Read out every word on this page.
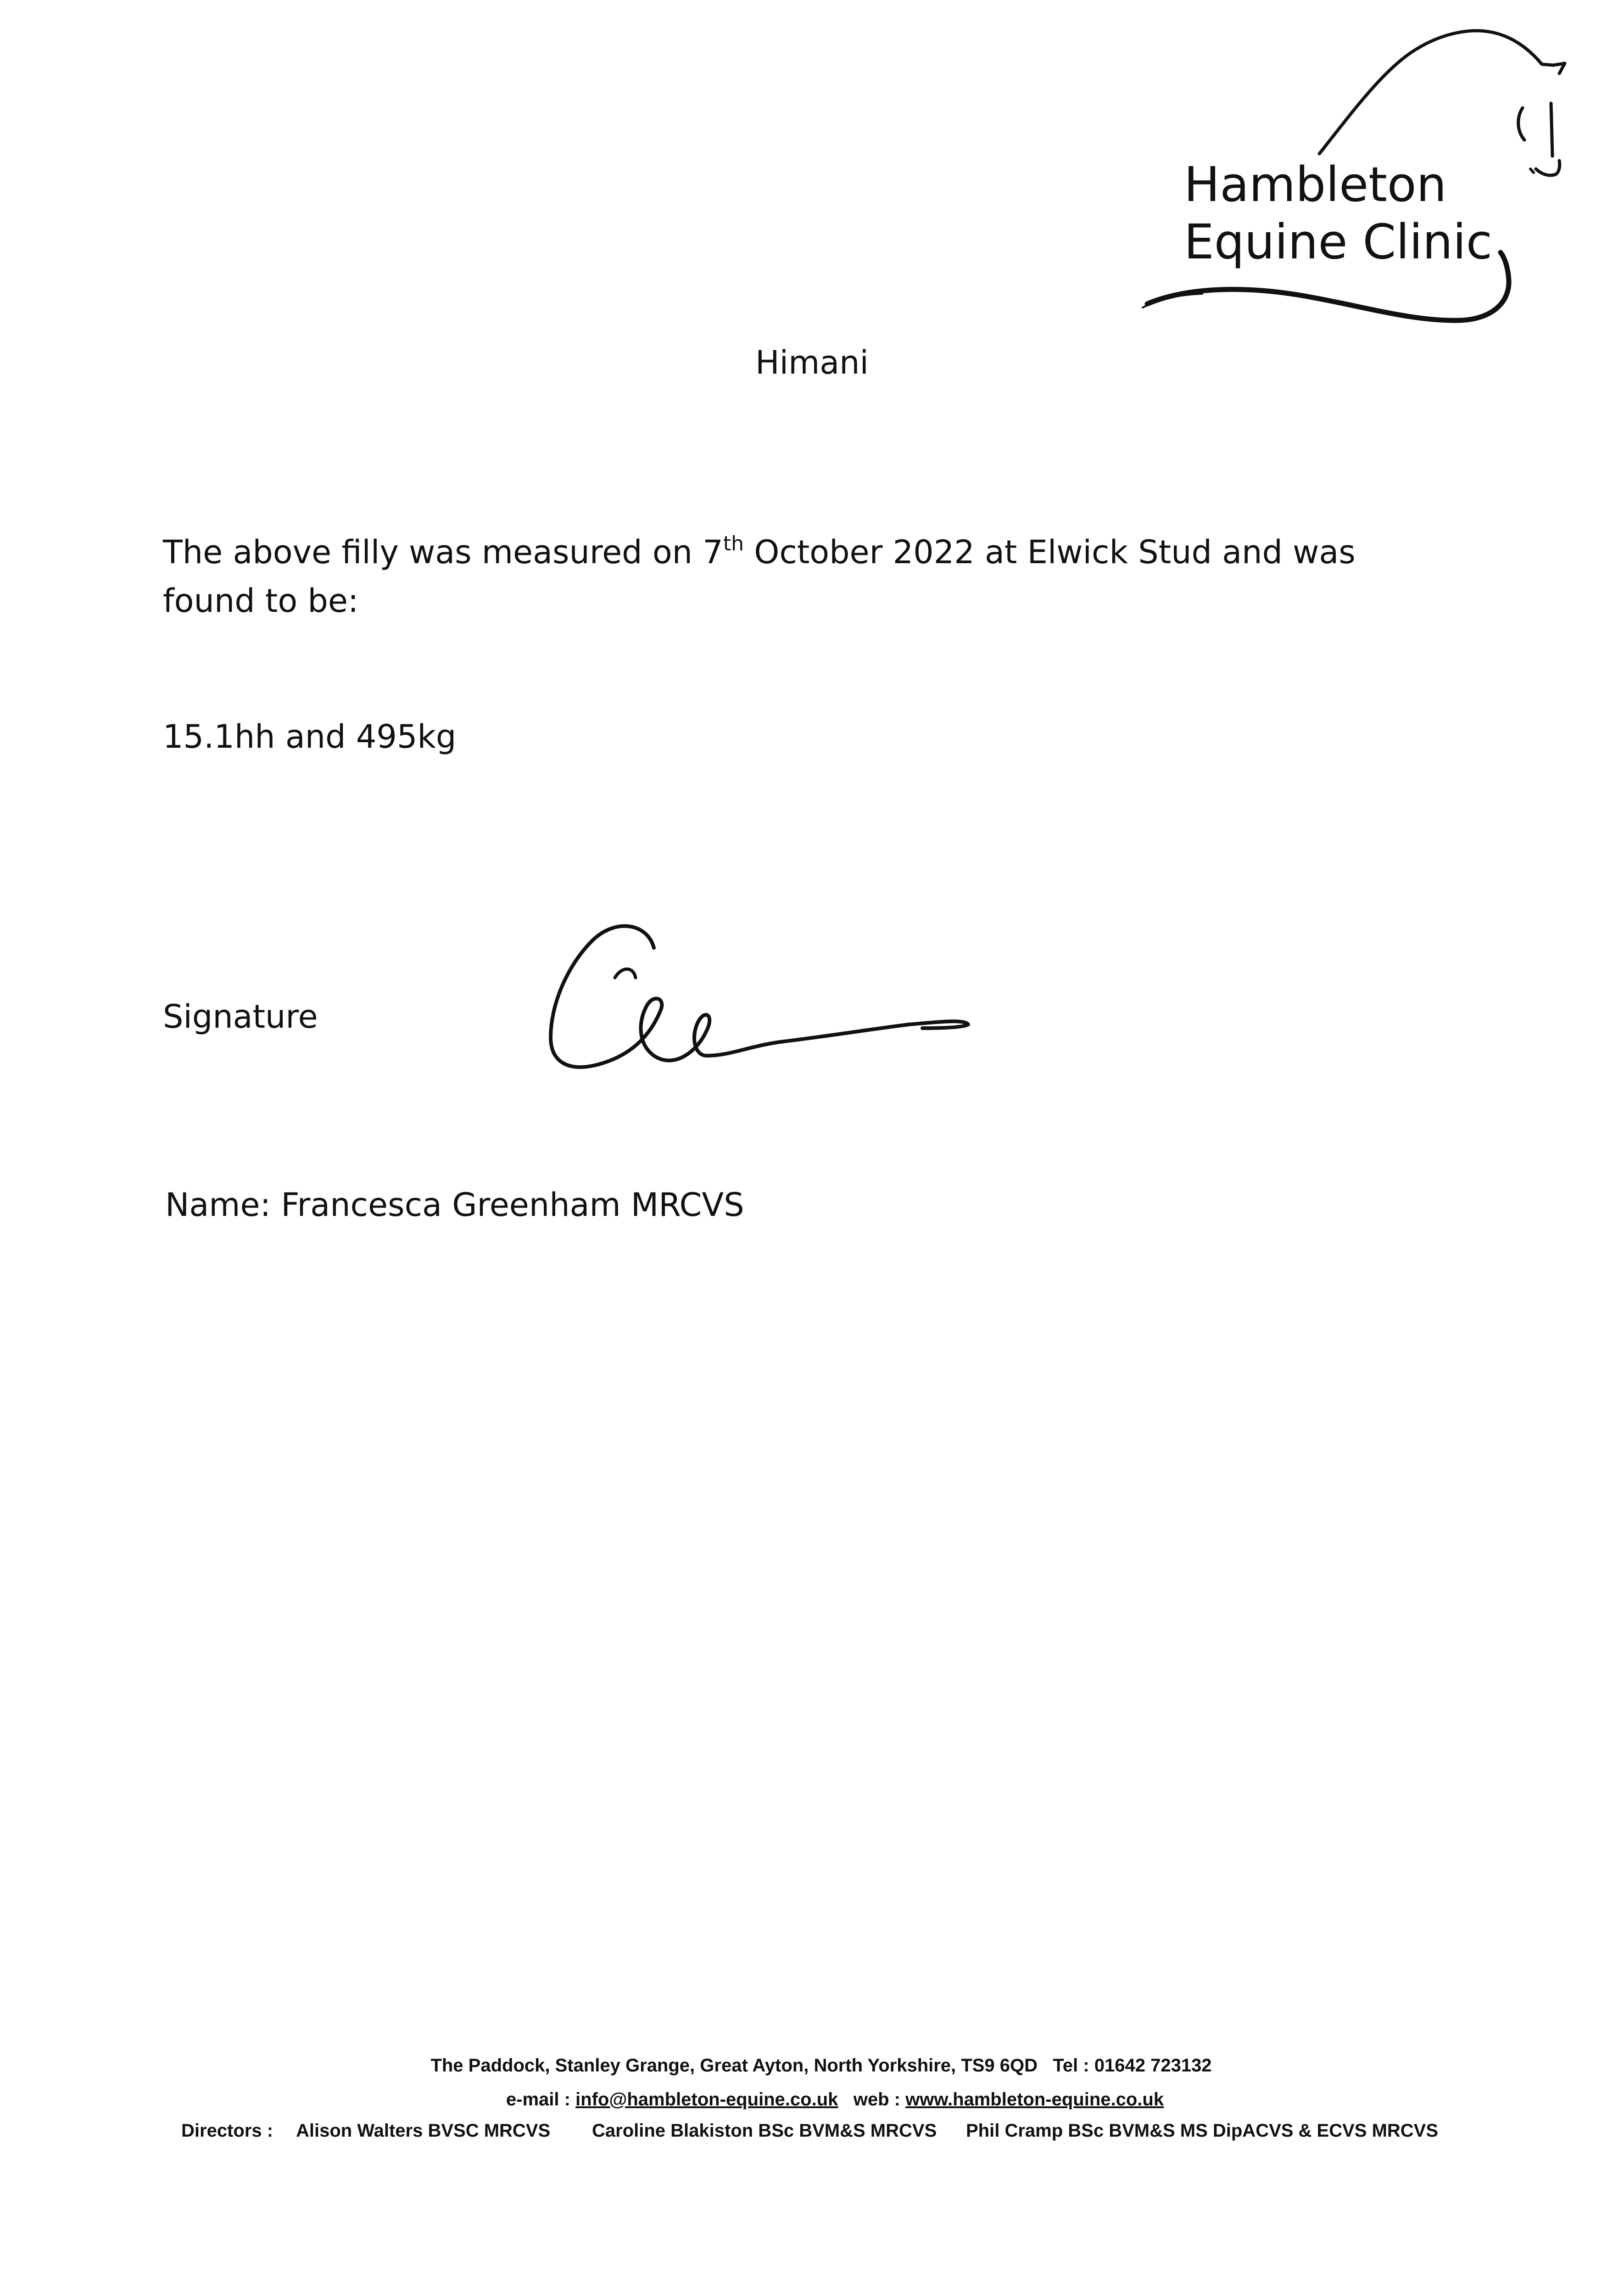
Hambleton
Equine Clinic
Himani
The above filly was measured on 7th October 2022 at Elwick Stud and was found to be:
15.1hh and 495kg
Signature
Name: Francesca Greenham MRCVS
The Paddock, Stanley Grange, Great Ayton, North Yorkshire, TS9 6QD Tel : 01642 723132
e-mail : info@hambleton-equine.co.uk web : www.hambleton-equine.co.uk
Directors : Alison Walters BVSC MRCVS Caroline Blakiston BSc BVM&S MRCVS Phil Cramp BSc BVM&S MS DipACVS & ECVS MRCVS
